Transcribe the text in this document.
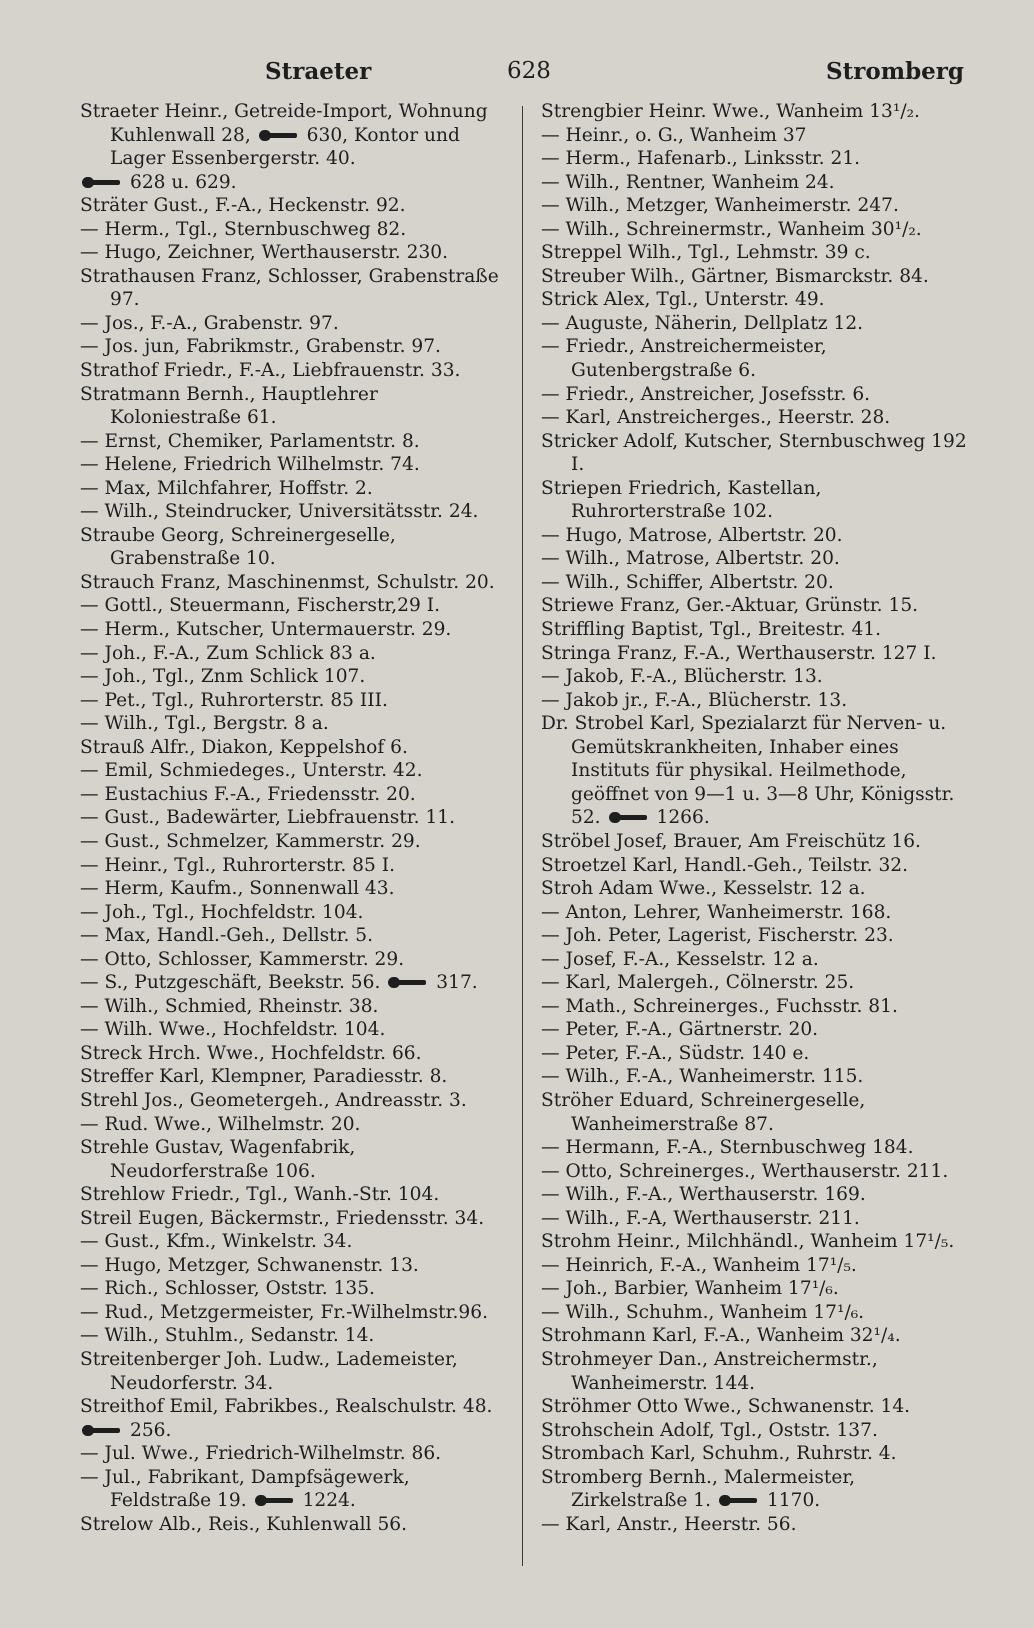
Straeter	628	Stromberg
Straeter Heinr., Getreide-Import, Wohnung Kuhlenwall 28,	630, Kontor und Lager Essenbergerstr. 40.
628 u. 629.
Sträter Gust., F.-A., Heckenstr. 92.
— Herm., Tgl., Sternbuschweg 82.
— Hugo, Zeichner, Werthauserstr. 230.
Strathausen Franz, Schlosser, Grabenstraße 97.
— Jos., F.-A., Grabenstr. 97.
— Jos. jun, Fabrikmstr., Grabenstr. 97.
Strathof Friedr., F.-A., Liebfrauenstr. 33.
Stratmann Bernh., Hauptlehrer Koloniestraße 61.
— Ernst, Chemiker, Parlamentstr. 8.
— Helene, Friedrich Wilhelmstr. 74.
— Max, Milchfahrer, Hoffstr. 2.
— Wilh., Steindrucker, Universitätsstr. 24.
Straube Georg, Schreinergeselle, Grabenstraße 10.
Strauch Franz, Maschinenmst, Schulstr. 20.
— Gottl., Steuermann, Fischerstr,29 I.
— Herm., Kutscher, Untermauerstr. 29.
— Joh., F.-A., Zum Schlick 83 a.
— Joh., Tgl., Znm Schlick 107.
— Pet., Tgl., Ruhrorterstr. 85 III.
— Wilh., Tgl., Bergstr. 8 a.
Strauß Alfr., Diakon, Keppelshof 6.
— Emil, Schmiedeges., Unterstr. 42.
— Eustachius F.-A., Friedensstr. 20.
— Gust., Badewärter, Liebfrauenstr. 11.
— Gust., Schmelzer, Kammerstr. 29.
— Heinr., Tgl., Ruhrorterstr. 85 I.
— Herm, Kaufm., Sonnenwall 43.
— Joh., Tgl., Hochfeldstr. 104.
— Max, Handl.-Geh., Dellstr. 5.
— Otto, Schlosser, Kammerstr. 29.
— S., Putzgeschäft, Beekstr. 56.	317.
— Wilh., Schmied, Rheinstr. 38.
— Wilh. Wwe., Hochfeldstr. 104.
Streck Hrch. Wwe., Hochfeldstr. 66.
Streffer Karl, Klempner, Paradiesstr. 8.
Strehl Jos., Geometergeh., Andreasstr. 3.
— Rud. Wwe., Wilhelmstr. 20.
Strehle Gustav, Wagenfabrik, Neudorferstraße 106.
Strehlow Friedr., Tgl., Wanh.-Str. 104.
Streil Eugen, Bäckermstr., Friedensstr. 34.
— Gust., Kfm., Winkelstr. 34.
— Hugo, Metzger, Schwanenstr. 13.
— Rich., Schlosser, Oststr. 135.
— Rud., Metzgermeister, Fr.-Wilhelmstr.96.
— Wilh., Stuhlm., Sedanstr. 14.
Streitenberger Joh. Ludw., Lademeister, Neudorferstr. 34.
Streithof Emil, Fabrikbes., Realschulstr. 48.
256.
— Jul. Wwe., Friedrich-Wilhelmstr. 86.
— Jul., Fabrikant, Dampfsägewerk, Feldstraße 19.	1224.
Strelow Alb., Reis., Kuhlenwall 56.
Strengbier Heinr. Wwe., Wanheim 13¹/₂.
— Heinr., o. G., Wanheim 37
— Herm., Hafenarb., Linksstr. 21.
— Wilh., Rentner, Wanheim 24.
— Wilh., Metzger, Wanheimerstr. 247.
— Wilh., Schreinermstr., Wanheim 30¹/₂.
Streppel Wilh., Tgl., Lehmstr. 39 c.
Streuber Wilh., Gärtner, Bismarckstr. 84.
Strick Alex, Tgl., Unterstr. 49.
— Auguste, Näherin, Dellplatz 12.
— Friedr., Anstreichermeister, Gutenbergstraße 6.
— Friedr., Anstreicher, Josefsstr. 6.
— Karl, Anstreicherges., Heerstr. 28.
Stricker Adolf, Kutscher, Sternbuschweg 192 I.
Striepen Friedrich, Kastellan, Ruhrorterstraße 102.
— Hugo, Matrose, Albertstr. 20.
— Wilh., Matrose, Albertstr. 20.
— Wilh., Schiffer, Albertstr. 20.
Striewe Franz, Ger.-Aktuar, Grünstr. 15.
Striffling Baptist, Tgl., Breitestr. 41.
Stringa Franz, F.-A., Werthauserstr. 127 I.
— Jakob, F.-A., Blücherstr. 13.
— Jakob jr., F.-A., Blücherstr. 13.
Dr. Strobel Karl, Spezialarzt für Nerven- u. Gemütskrankheiten, Inhaber eines Instituts für physikal. Heilmethode, geöffnet von 9—1 u. 3—8 Uhr, Königsstr. 52.	1266.
Ströbel Josef, Brauer, Am Freischütz 16.
Stroetzel Karl, Handl.-Geh., Teilstr. 32.
Stroh Adam Wwe., Kesselstr. 12 a.
— Anton, Lehrer, Wanheimerstr. 168.
— Joh. Peter, Lagerist, Fischerstr. 23.
— Josef, F.-A., Kesselstr. 12 a.
— Karl, Malergeh., Cölnerstr. 25.
— Math., Schreinerges., Fuchsstr. 81.
— Peter, F.-A., Gärtnerstr. 20.
— Peter, F.-A., Südstr. 140 e.
— Wilh., F.-A., Wanheimerstr. 115.
Ströher Eduard, Schreinergeselle, Wanheimerstraße 87.
— Hermann, F.-A., Sternbuschweg 184.
— Otto, Schreinerges., Werthauserstr. 211.
— Wilh., F.-A., Werthauserstr. 169.
— Wilh., F.-A, Werthauserstr. 211.
Strohm Heinr., Milchhändl., Wanheim 17¹/₅.
— Heinrich, F.-A., Wanheim 17¹/₅.
— Joh., Barbier, Wanheim 17¹/₆.
— Wilh., Schuhm., Wanheim 17¹/₆.
Strohmann Karl, F.-A., Wanheim 32¹/₄.
Strohmeyer Dan., Anstreichermstr., Wanheimerstr. 144.
Ströhmer Otto Wwe., Schwanenstr. 14.
Strohschein Adolf, Tgl., Oststr. 137.
Strombach Karl, Schuhm., Ruhrstr. 4.
Stromberg Bernh., Malermeister, Zirkelstraße 1.	1170.
— Karl, Anstr., Heerstr. 56.
